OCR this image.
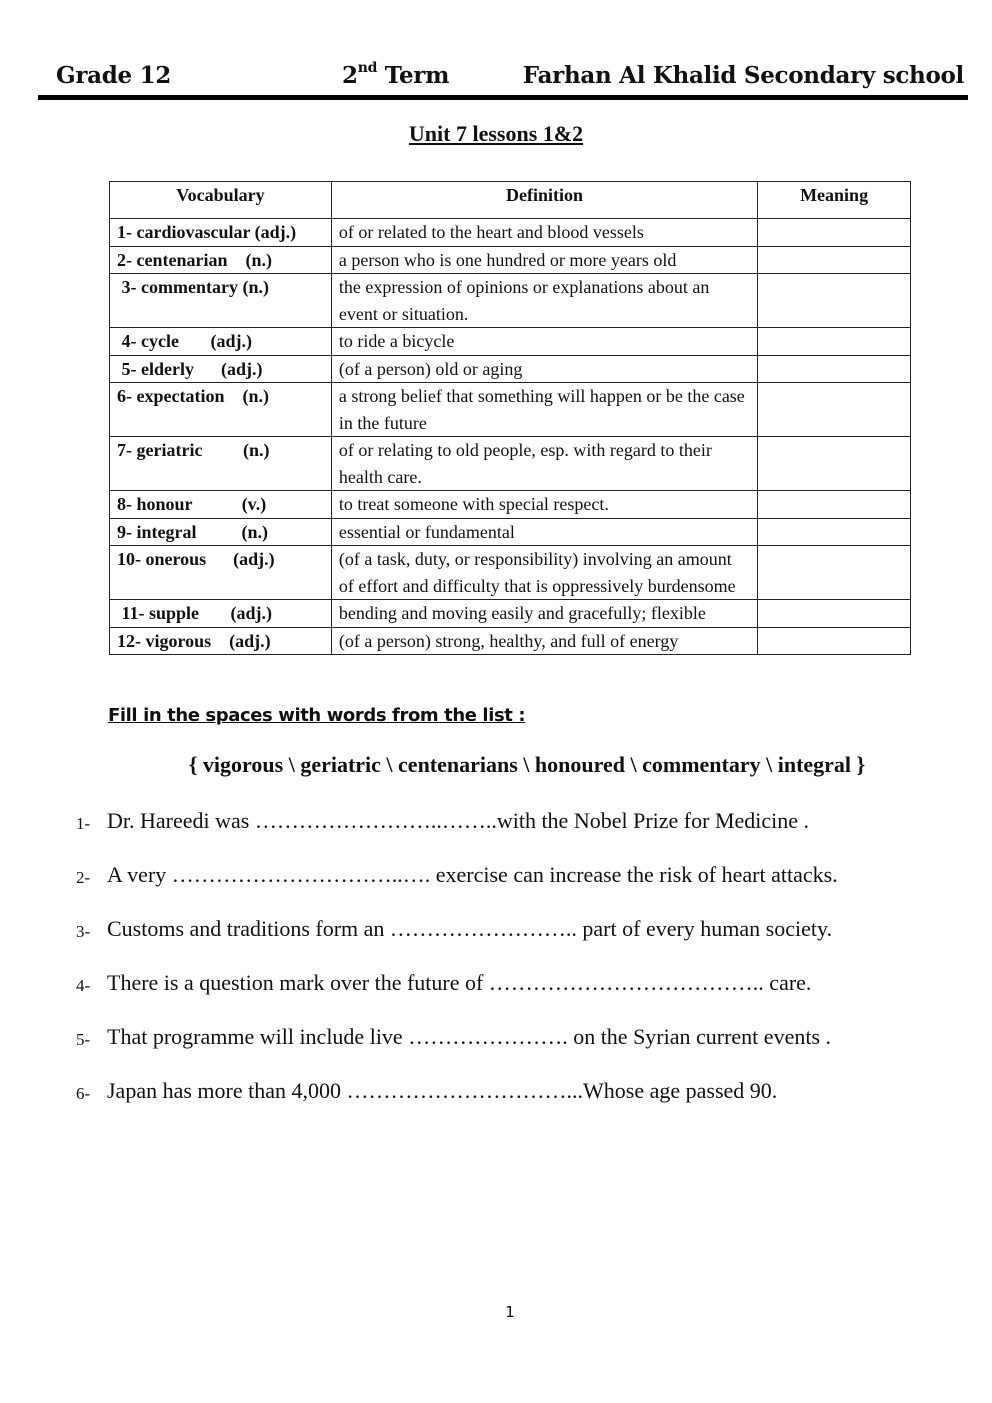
Grade 12	2nd Term	Farhan Al Khalid Secondary school
Unit 7 lessons 1&2
Vocabulary	Definition	Meaning
1- cardiovascular (adj.)	of or related to the heart and blood vessels	
2- centenarian    (n.)	a person who is one hundred or more years old	
3- commentary (n.)	the expression of opinions or explanations about an event or situation.	
4- cycle       (adj.)	to ride a bicycle	
5- elderly      (adj.)	(of a person) old or aging	
6- expectation    (n.)	a strong belief that something will happen or be the case in the future	
7- geriatric         (n.)	of or relating to old people, esp. with regard to their health care.	
8- honour           (v.)	to treat someone with special respect.	
9- integral          (n.)	essential or fundamental	
10- onerous      (adj.)	(of a task, duty, or responsibility) involving an amount of effort and difficulty that is oppressively burdensome	
11- supple       (adj.)	bending and moving easily and gracefully; flexible	
12- vigorous    (adj.)	(of a person) strong, healthy, and full of energy	
Fill in the spaces with words from the list :
{ vigorous \ geriatric \ centenarians \ honoured \ commentary \ integral }
1- Dr. Hareedi was ……………………..……..with the Nobel Prize for Medicine .
2- A very …………………………..…. exercise can increase the risk of heart attacks.
3- Customs and traditions form an …………………….. part of every human society.
4- There is a question mark over the future of ……………………………….. care.
5- That programme will include live …………………. on the Syrian current events .
6- Japan has more than 4,000 …………………………...Whose age passed 90.
1
